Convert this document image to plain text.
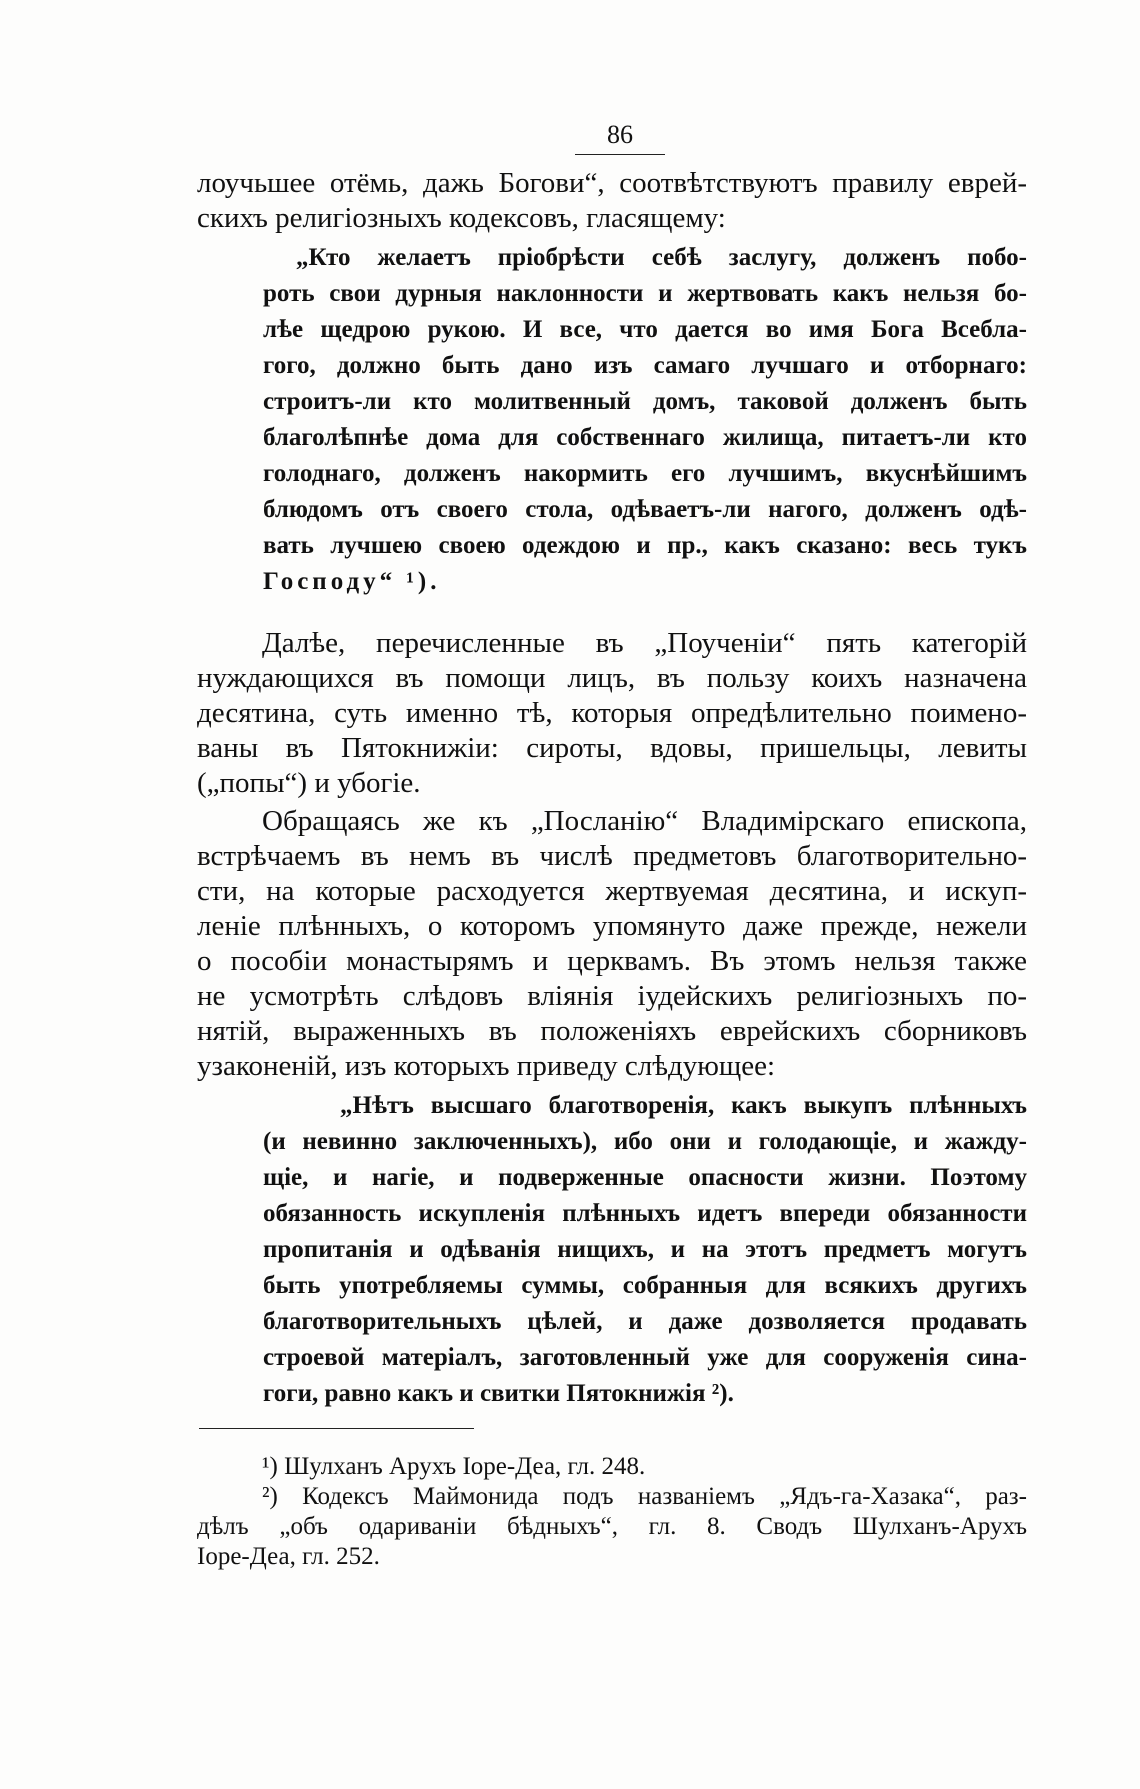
86
лоучьшее отёмь, дажь Богови“, соотвѣтствуютъ правилу еврей-
скихъ религіозныхъ кодексовъ, гласящему:
„Кто желаетъ пріобрѣсти себѣ заслугу, долженъ побо-
роть свои дурныя наклонности и жертвовать какъ нельзя бо-
лѣе щедрою рукою. И все, что дается во имя Бога Всебла-
гого, должно быть дано изъ самаго лучшаго и отборнаго:
строитъ-ли кто молитвенный домъ, таковой долженъ быть
благолѣпнѣе дома для собственнаго жилища, питаетъ-ли кто
голоднаго, долженъ накормить его лучшимъ, вкуснѣйшимъ
блюдомъ отъ своего стола, одѣваетъ-ли нагого, долженъ одѣ-
вать лучшею своею одеждою и пр., какъ сказано: весь тукъ
Господу“ ¹).
Далѣе, перечисленные въ „Поученіи“ пять категорій
нуждающихся въ помощи лицъ, въ пользу коихъ назначена
десятина, суть именно тѣ, которыя опредѣлительно поимено-
ваны въ Пятокнижіи: сироты, вдовы, пришельцы, левиты
(„попы“) и убогіе.
Обращаясь же къ „Посланію“ Владимірскаго епископа,
встрѣчаемъ въ немъ въ числѣ предметовъ благотворительно-
сти, на которые расходуется жертвуемая десятина, и искуп-
леніе плѣнныхъ, о которомъ упомянуто даже прежде, нежели
о пособіи монастырямъ и церквамъ. Въ этомъ нельзя также
не усмотрѣть слѣдовъ вліянія іудейскихъ религіозныхъ по-
нятій, выраженныхъ въ положеніяхъ еврейскихъ сборниковъ
узаконеній, изъ которыхъ приведу слѣдующее:
„Нѣтъ высшаго благотворенія, какъ выкупъ плѣнныхъ
(и невинно заключенныхъ), ибо они и голодающіе, и жажду-
щіе, и нагіе, и подверженные опасности жизни. Поэтому
обязанность искупленія плѣнныхъ идетъ впереди обязанности
пропитанія и одѣванія нищихъ, и на этотъ предметъ могутъ
быть употребляемы суммы, собранныя для всякихъ другихъ
благотворительныхъ цѣлей, и даже дозволяется продавать
строевой матеріалъ, заготовленный уже для сооруженія сина-
гоги, равно какъ и свитки Пятокнижія ²).
¹) Шулханъ Арухъ Іоре-Деа, гл. 248.
²) Кодексъ Маймонида подъ названіемъ „Ядъ-га-Хазака“, раз-
дѣлъ „объ одариваніи бѣдныхъ“, гл. 8. Сводъ Шулханъ-Арухъ
Іоре-Деа, гл. 252.
